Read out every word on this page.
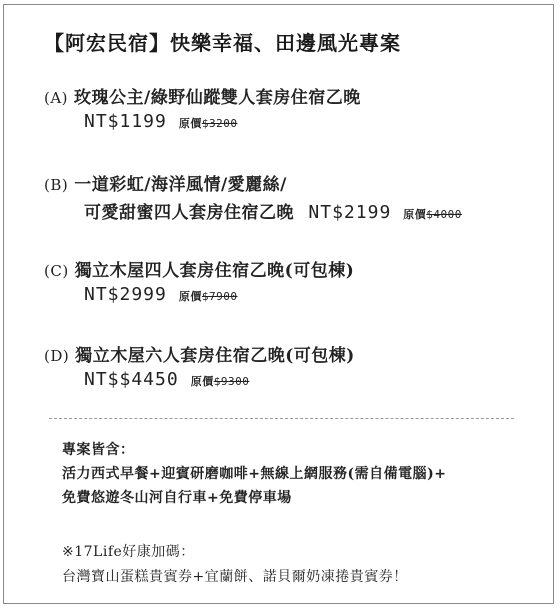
【阿宏民宿】快樂幸福、田邊風光專案
(A) 玫瑰公主/綠野仙蹤雙人套房住宿乙晚
NT$1199 原價$3200
(B) 一道彩虹/海洋風情/愛麗絲/
可愛甜蜜四人套房住宿乙晚 NT$2199 原價$4000
(C) 獨立木屋四人套房住宿乙晚(可包棟)
NT$2999 原價$7900
(D) 獨立木屋六人套房住宿乙晚(可包棟)
NT$$4450 原價$9300
專案皆含：
活力西式早餐+迎賓研磨咖啡+無線上網服務(需自備電腦)+
免費悠遊冬山河自行車+免費停車場
※17Life好康加碼：
台灣寶山蛋糕貴賓券+宜蘭餅、諾貝爾奶凍捲貴賓券！
